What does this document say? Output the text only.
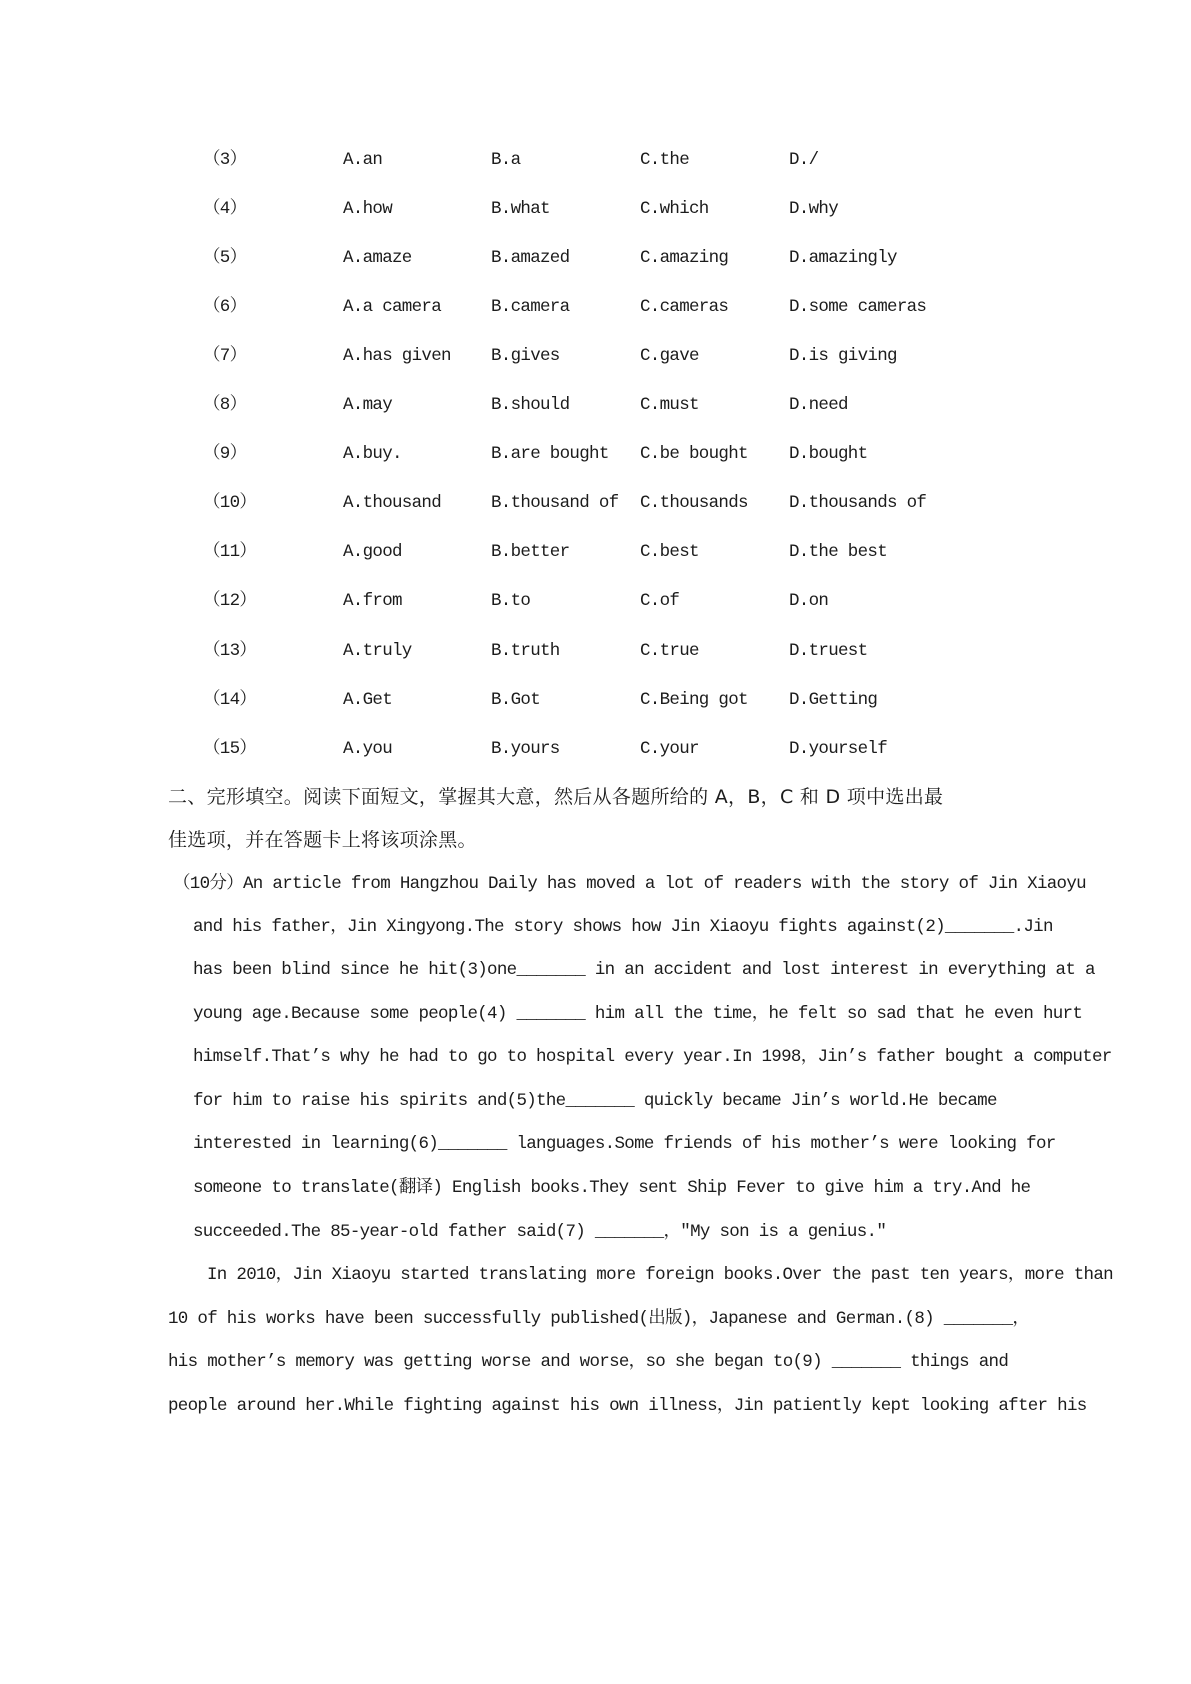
（3）

	A.an

	B.a

	C.the

	D./

（4）

	A.how

	B.what

	C.which

	D.why

（5）

	A.amaze

	B.amazed

	C.amazing

	D.amazingly

（6）

	A.a camera

	B.camera

	C.cameras

	D.some cameras

（7）

	A.has given

B.gives

	C.gave

	D.is giving

（8）

	A.may

	B.should

	C.must

	D.need

（9）

	A.buy.

	B.are bought

C.be bought

D.bought

（10）

	A.thousand

	B.thousand of

C.thousands

D.thousands of

（11）

	A.good

	B.better

	C.best

	D.the best

（12）

	A.from

	B.to

	C.of

	D.on

（13）

	A.truly

	B.truth

	C.true

	D.truest

（14）

	A.Get

	B.Got

	C.Being got

D.Getting

（15）

	A.you

	B.yours

	C.your

	D.yourself

二、完形填空。阅读下面短文，掌握其大意，然后从各题所给的 A，B，C 和 D 项中选出最
佳选项，并在答题卡上将该项涂黑。
（10分）An article from Hangzhou Daily has moved a lot of readers with the story of Jin Xiaoyu
and his father，Jin Xingyong.The story shows how Jin Xiaoyu fights against(2)_______.Jin
has been blind since he hit(3)one_______ in an accident and lost interest in everything at a
young age.Because some people(4) _______ him all the time，he felt so sad that he even hurt
himself.That’s why he had to go to hospital every year.In 1998，Jin’s father bought a computer
for him to raise his spirits and(5)the_______ quickly became Jin’s world.He became
interested in learning(6)_______ languages.Some friends of his mother’s were looking for
someone to translate(翻译) English books.They sent Ship Fever to give him a try.And he
succeeded.The 85-year-old father said(7) _______，"My son is a genius."
In 2010，Jin Xiaoyu started translating more foreign books.Over the past ten years，more than
10 of his works have been successfully published(出版)，Japanese and German.(8) _______，
his mother’s memory was getting worse and worse，so she began to(9) _______ things and
people around her.While fighting against his own illness，Jin patiently kept looking after his
